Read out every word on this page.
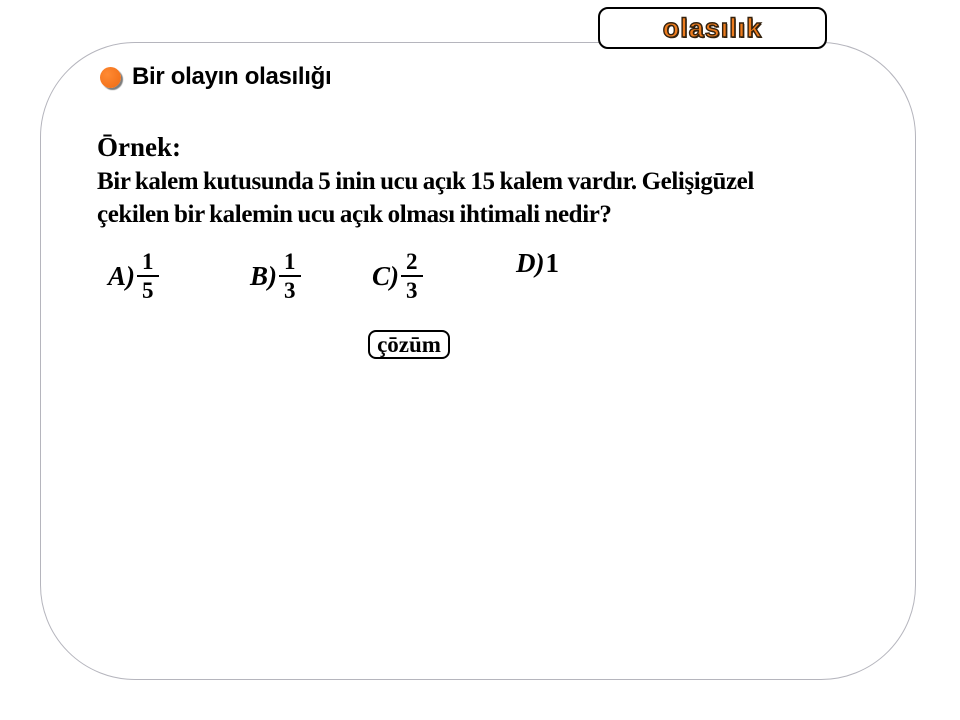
olasılık
Bir olayın olasılığı
Ōrnek:
Bir kalem kutusunda 5 inin ucu açık 15 kalem vardır. Gelişigūzel
çekilen bir kalemin ucu açık olması ihtimali nedir?
$A) \frac{1}{5}$	$B) \frac{1}{3}$	$C) \frac{2}{3}$	D) 1
çōzūm
